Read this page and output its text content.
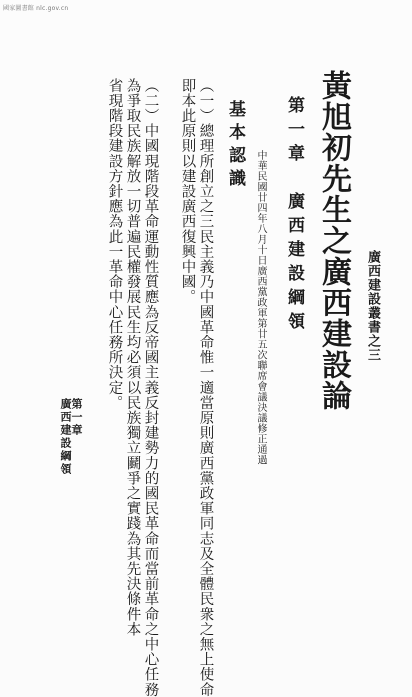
國家圖書館 nlc.gov.cn
黃旭初先生之廣西建設論 廣西建設叢書之三
第一章　廣西建設綱領
中華民國廿四年八月十日廣西黨政軍第廿五次聯席會議決議修正通過
基本認識
（一）總理所創立之三民主義乃中國革命惟一適當原則廣西黨政軍同志及全體民衆之無上使命
即本此原則以建設廣西復興中國。
（二）中國現階段革命運動性質應為反帝國主義反封建勢力的國民革命而當前革命之中心任務
為爭取民族解放一切普遍民權發展民生均必須以民族獨立鬬爭之實踐為其先決條件本
省現階段建設方針應為此一革命中心任務所決定。
第一章
廣西建設綱領
